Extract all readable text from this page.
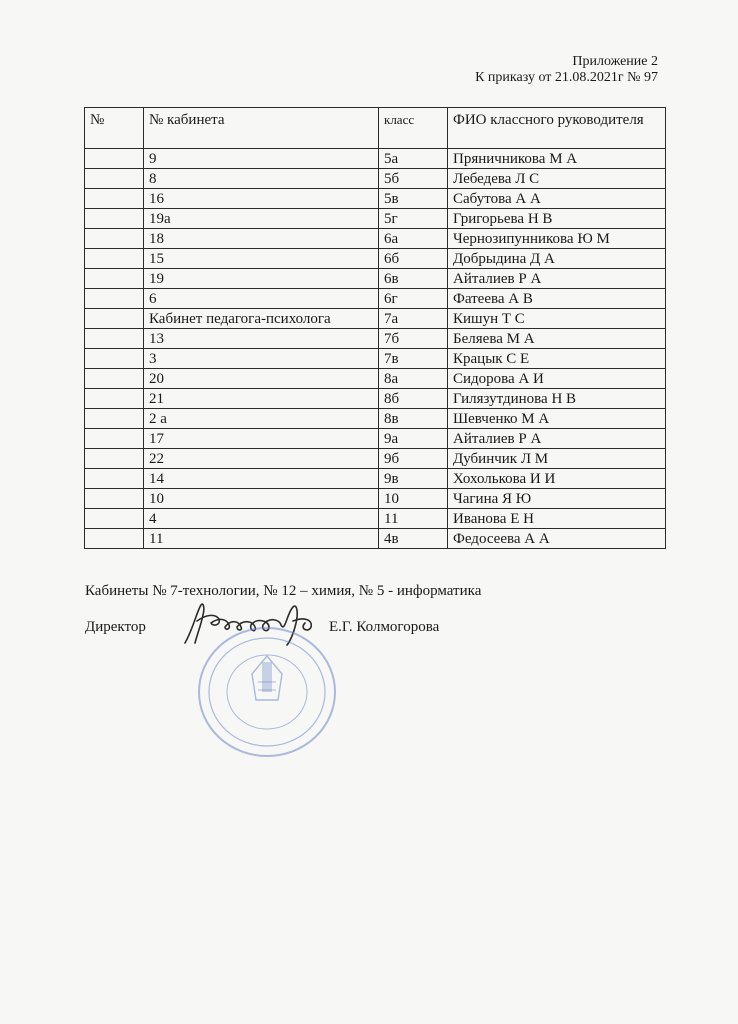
Приложение 2
К приказу от 21.08.2021г № 97
№	№ кабинета	класс	ФИО классного руководителя
	9	5а	Пряничникова М А
	8	5б	Лебедева Л С
	16	5в	Сабутова А А
	19а	5г	Григорьева Н В
	18	6а	Чернозипунникова Ю М
	15	6б	Добрыдина Д А
	19	6в	Айталиев Р А
	6	6г	Фатеева А В
	Кабинет педагога-психолога	7а	Кишун Т С
	13	7б	Беляева М А
	3	7в	Крацык С Е
	20	8а	Сидорова А И
	21	8б	Гилязутдинова Н В
	2 а	8в	Шевченко М А
	17	9а	Айталиев Р А
	22	9б	Дубинчик Л М
	14	9в	Хохолькова И И
	10	10	Чагина Я Ю
	4	11	Иванова Е Н
	11	4в	Федосеева А А
Кабинеты № 7-технологии, № 12 – химия, № 5 - информатика
Директор	Е.Г. Колмогорова
